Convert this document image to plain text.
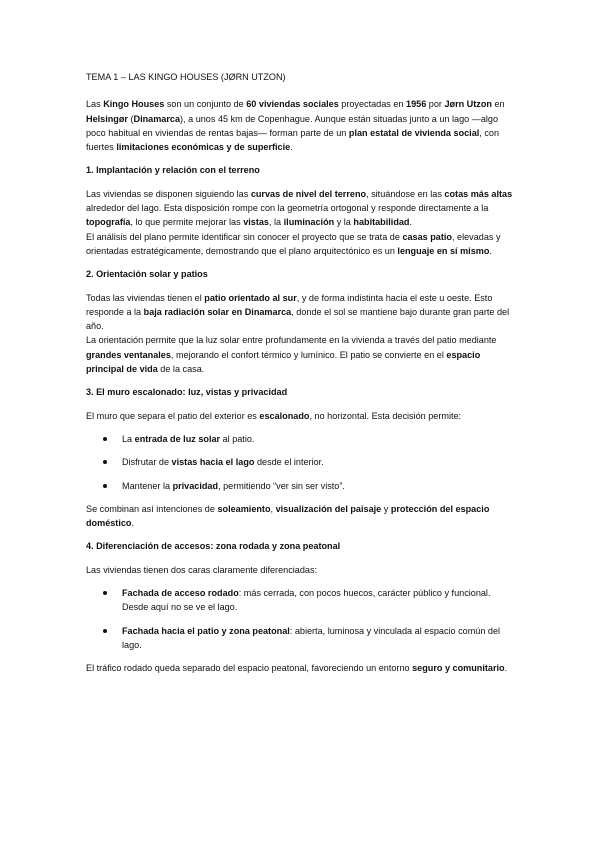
TEMA 1 – LAS KINGO HOUSES (JØRN UTZON)

Las Kingo Houses son un conjunto de 60 viviendas sociales proyectadas en 1956 por Jørn Utzon en Helsingør (Dinamarca), a unos 45 km de Copenhague. Aunque están situadas junto a un lago —algo poco habitual en viviendas de rentas bajas— forman parte de un plan estatal de vivienda social, con fuertes limitaciones económicas y de superficie.

1. Implantación y relación con el terreno

Las viviendas se disponen siguiendo las curvas de nivel del terreno, situándose en las cotas más altas alrededor del lago. Esta disposición rompe con la geometría ortogonal y responde directamente a la topografía, lo que permite mejorar las vistas, la iluminación y la habitabilidad.

El análisis del plano permite identificar sin conocer el proyecto que se trata de casas patio, elevadas y orientadas estratégicamente, demostrando que el plano arquitectónico es un lenguaje en sí mismo.

2. Orientación solar y patios

Todas las viviendas tienen el patio orientado al sur, y de forma indistinta hacia el este u oeste. Esto responde a la baja radiación solar en Dinamarca, donde el sol se mantiene bajo durante gran parte del año.

La orientación permite que la luz solar entre profundamente en la vivienda a través del patio mediante grandes ventanales, mejorando el confort térmico y lumínico. El patio se convierte en el espacio principal de vida de la casa.

3. El muro escalonado: luz, vistas y privacidad

El muro que separa el patio del exterior es escalonado, no horizontal. Esta decisión permite:

La entrada de luz solar al patio.
Disfrutar de vistas hacia el lago desde el interior.
Mantener la privacidad, permitiendo “ver sin ser visto”.

Se combinan así intenciones de soleamiento, visualización del paisaje y protección del espacio doméstico.

4. Diferenciación de accesos: zona rodada y zona peatonal

Las viviendas tienen dos caras claramente diferenciadas:

Fachada de acceso rodado: más cerrada, con pocos huecos, carácter público y funcional. Desde aquí no se ve el lago.
Fachada hacia el patio y zona peatonal: abierta, luminosa y vinculada al espacio común del lago.

El tráfico rodado queda separado del espacio peatonal, favoreciendo un entorno seguro y comunitario.
